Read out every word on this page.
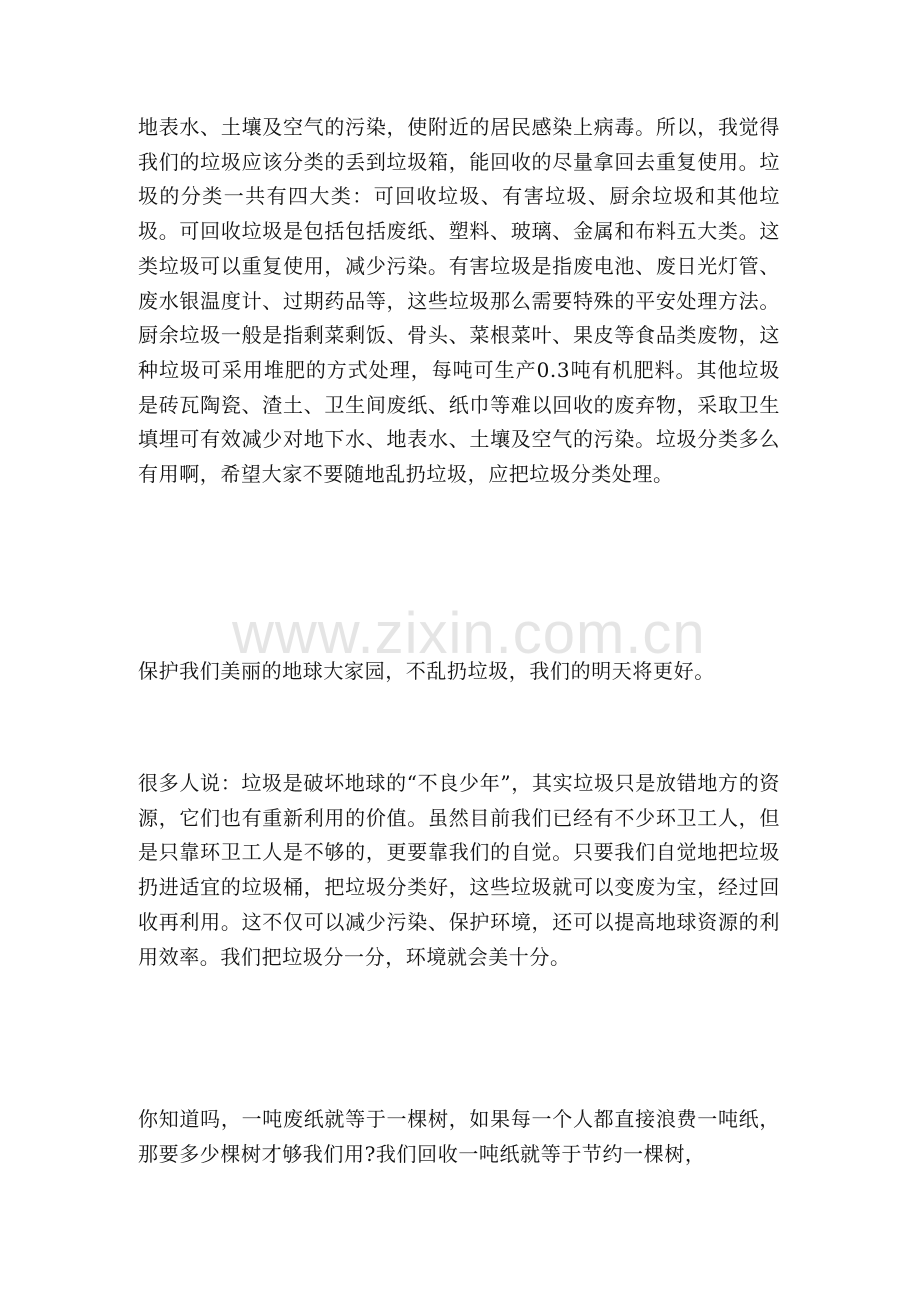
地表水、土壤及空气的污染，使附近的居民感染上病毒。所以，我觉得我们的垃圾应该分类的丢到垃圾箱，能回收的尽量拿回去重复使用。垃圾的分类一共有四大类：可回收垃圾、有害垃圾、厨余垃圾和其他垃圾。可回收垃圾是包括包括废纸、塑料、玻璃、金属和布料五大类。这类垃圾可以重复使用，减少污染。有害垃圾是指废电池、废日光灯管、废水银温度计、过期药品等，这些垃圾那么需要特殊的平安处理方法。厨余垃圾一般是指剩菜剩饭、骨头、菜根菜叶、果皮等食品类废物，这种垃圾可采用堆肥的方式处理，每吨可生产0.3吨有机肥料。其他垃圾是砖瓦陶瓷、渣土、卫生间废纸、纸巾等难以回收的废弃物，采取卫生填埋可有效减少对地下水、地表水、土壤及空气的污染。垃圾分类多么有用啊，希望大家不要随地乱扔垃圾，应把垃圾分类处理。

www.zixin.com.cn

保护我们美丽的地球大家园，不乱扔垃圾，我们的明天将更好。

很多人说：垃圾是破坏地球的“不良少年”，其实垃圾只是放错地方的资源，它们也有重新利用的价值。虽然目前我们已经有不少环卫工人，但是只靠环卫工人是不够的，更要靠我们的自觉。只要我们自觉地把垃圾扔进适宜的垃圾桶，把垃圾分类好，这些垃圾就可以变废为宝，经过回收再利用。这不仅可以减少污染、保护环境，还可以提高地球资源的利用效率。我们把垃圾分一分，环境就会美十分。

你知道吗，一吨废纸就等于一棵树，如果每一个人都直接浪费一吨纸，那要多少棵树才够我们用?我们回收一吨纸就等于节约一棵树，
